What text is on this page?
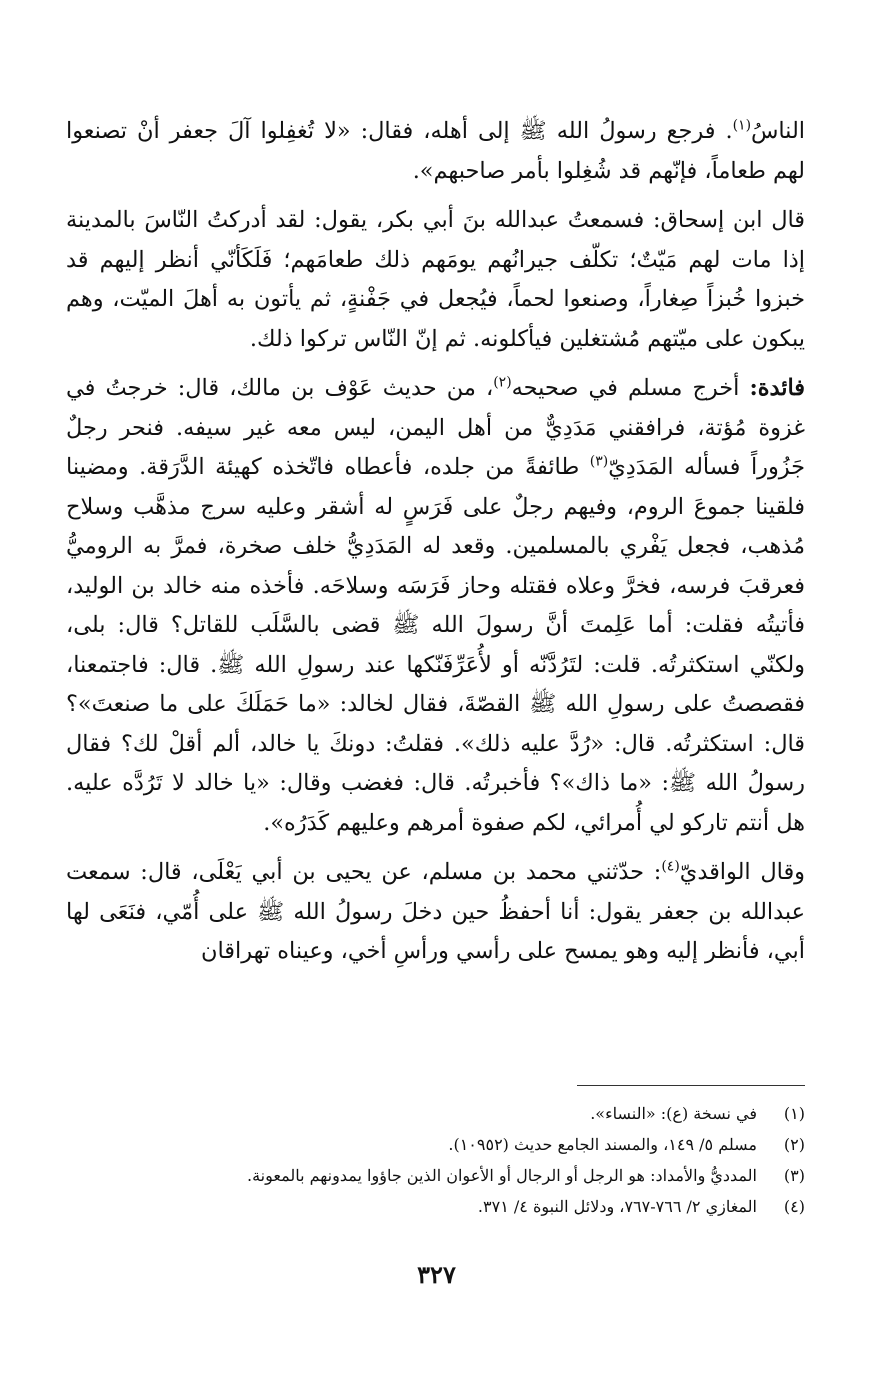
الناسُ$^{(١)}$. فرجع رسولُ الله ﷺ إلى أهله، فقال: «لا تُغفِلوا آلَ جعفر أنْ تصنعوا لهم طعاماً، فإنّهم قد شُغِلوا بأمر صاحبهم».

قال ابن إسحاق: فسمعتُ عبدالله بنَ أبي بكر، يقول: لقد أدركتُ النّاسَ بالمدينة إذا مات لهم مَيّتٌ؛ تكلّف جيرانُهم يومَهم ذلك طعامَهم؛ فَلَكَأنّي أنظر إليهم قد خبزوا خُبزاً صِغاراً، وصنعوا لحماً، فيُجعل في جَفْنةٍ، ثم يأتون به أهلَ الميّت، وهم يبكون على ميّتهم مُشتغلين فيأكلونه. ثم إنّ النّاس تركوا ذلك.

فائدة: أخرج مسلم في صحيحه$^{(٢)}$، من حديث عَوْف بن مالك، قال: خرجتُ في غزوة مُؤتة، فرافقني مَدَدِيٌّ من أهل اليمن، ليس معه غير سيفه. فنحر رجلٌ جَزُوراً فسأله المَدَدِيّ$^{(٣)}$ طائفةً من جلده، فأعطاه فاتّخذه كهيئة الدَّرَقة. ومضينا فلقينا جموعَ الروم، وفيهم رجلٌ على فَرَسٍ له أشقر وعليه سرج مذهَّب وسلاح مُذهب، فجعل يَفْري بالمسلمين. وقعد له المَدَدِيُّ خلف صخرة، فمرَّ به الروميُّ فعرقبَ فرسه، فخرَّ وعلاه فقتله وحاز فَرَسَه وسلاحَه. فأخذه منه خالد بن الوليد، فأتيتُه فقلت: أما عَلِمتَ أنَّ رسولَ الله ﷺ قضى بالسَّلَب للقاتل؟ قال: بلى، ولكنّي استكثرتُه. قلت: لتَرُدَّنّه أو لأُعَرِّفَنّكها عند رسولِ الله ﷺ. قال: فاجتمعنا، فقصصتُ على رسولِ الله ﷺ القصّةَ، فقال لخالد: «ما حَمَلَكَ على ما صنعتَ»؟ قال: استكثرتُه. قال: «رُدَّ عليه ذلك». فقلتُ: دونكَ يا خالد، ألم أقلْ لك؟ فقال رسولُ الله ﷺ: «ما ذاك»؟ فأخبرتُه. قال: فغضب وقال: «يا خالد لا تَرُدَّه عليه. هل أنتم تاركو لي أُمرائي، لكم صفوة أمرهم وعليهم كَدَرُه».

وقال الواقديّ$^{(٤)}$: حدّثني محمد بن مسلم، عن يحيى بن أبي يَعْلَى، قال: سمعت عبدالله بن جعفر يقول: أنا أحفظُ حين دخلَ رسولُ الله ﷺ على أُمّي، فنَعَى لها أبي، فأنظر إليه وهو يمسح على رأسي ورأسِ أخي، وعيناه تهراقان

(١)في نسخة (ع): «النساء».
(٢)مسلم ٥/ ١٤٩، والمسند الجامع حديث (١٠٩٥٢).
(٣)المدديُّ والأمداد: هو الرجل أو الرجال أو الأعوان الذين جاؤوا يمدونهم بالمعونة.
(٤)المغازي ٢/ ٧٦٦-٧٦٧، ودلائل النبوة ٤/ ٣٧١.
٣٢٧
